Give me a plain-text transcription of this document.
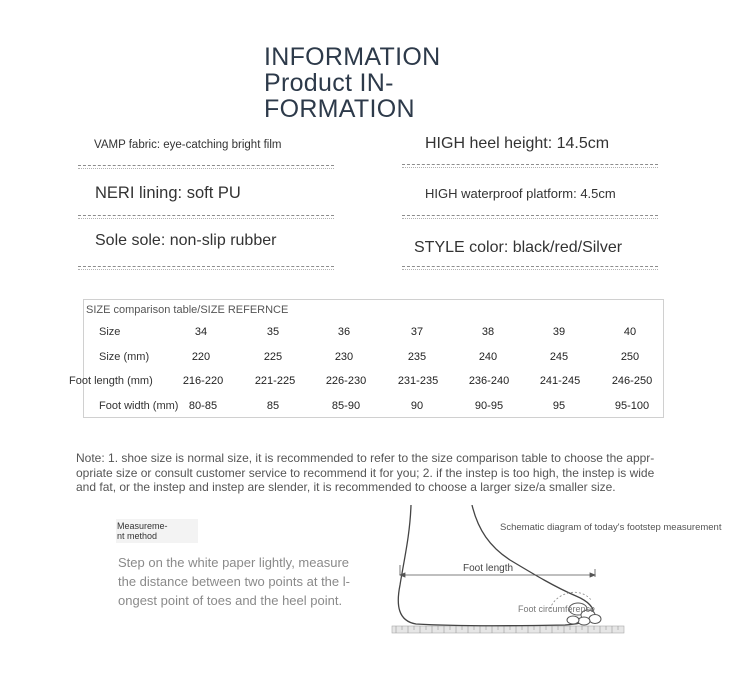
INFORMATION
Product IN-
FORMATION
VAMP fabric: eye-catching bright film	HIGH heel height: 14.5cm
NERI lining: soft PU	HIGH waterproof platform: 4.5cm
Sole sole: non-slip rubber	STYLE color: black/red/Silver
SIZE comparison table/SIZE REFERNCE
Size	34	35	36	37	38	39	40
Size (mm)	220	225	230	235	240	245	250
Foot length (mm)	216-220	221-225	226-230	231-235	236-240	241-245	246-250
Foot width (mm) 80-85	85	85-90	90	90-95	95	95-100
Note: 1. shoe size is normal size, it is recommended to refer to the size comparison table to choose the appr-opriate size or consult customer service to recommend it for you; 2. if the instep is too high, the instep is wide and fat, or the instep and instep are slender, it is recommended to choose a larger size/a smaller size.
Measureme-
nt method
Step on the white paper lightly, measure the distance between two points at the l-ongest point of toes and the heel point.
Schematic diagram of today's footstep measurement
Foot length
Foot circumference
